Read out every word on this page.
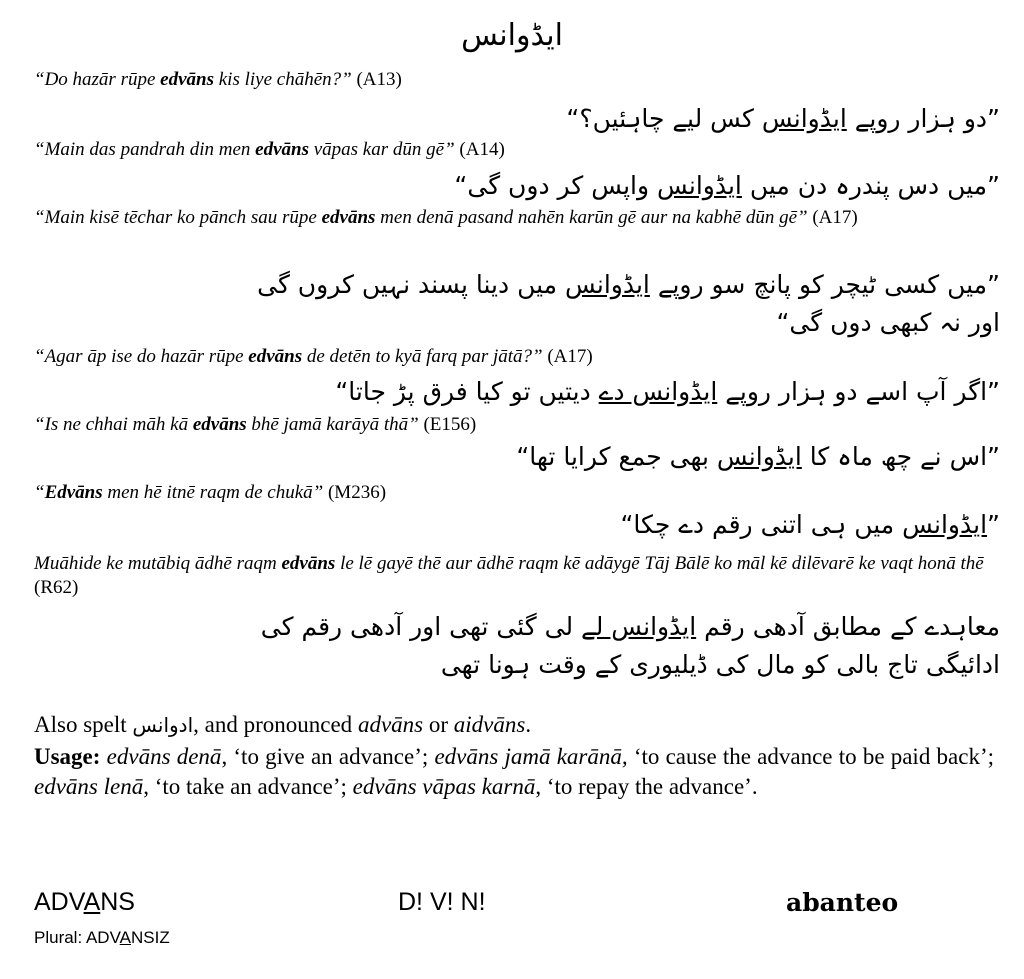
ایڈوانس
“Do hazār rūpe edvāns kis liye chāhēn?” (A13)
”دو ہزار روپے ایڈوانس کس لیے چاہئیں؟“
“Main das pandrah din men edvāns vāpas kar dūn gē” (A14)
”میں دس پندرہ دن میں ایڈوانس واپس کر دوں گی“
“Main kisē tēchar ko pānch sau rūpe edvāns men denā pasand nahēn karūn gē aur na kabhē dūn gē” (A17)
”میں کسی ٹیچر کو پانچ سو روپے ایڈوانس میں دینا پسند نہیں کروں گی
اور نہ کبھی دوں گی“
“Agar āp ise do hazār rūpe edvāns de detēn to kyā farq par jātā?” (A17)
”اگر آپ اسے دو ہزار روپے ایڈوانس دے دیتیں تو کیا فرق پڑ جاتا“
“Is ne chhai māh kā edvāns bhē jamā karāyā thā” (E156)
”اس نے چھ ماہ کا ایڈوانس بھی جمع کرایا تھا“
“Edvāns men hē itnē raqm de chukā” (M236)
”ایڈوانس میں ہی اتنی رقم دے چکا“
Muāhide ke mutābiq ādhē raqm edvāns le lē gayē thē aur ādhē raqm kē adāygē Tāj Bālē ko māl kē dilēvarē ke vaqt honā thē (R62)
معاہدے کے مطابق آدھی رقم ایڈوانس لے لی گئی تھی اور آدھی رقم کی
ادائیگی تاج بالی کو مال کی ڈیلیوری کے وقت ہونا تھی
Also spelt ادوانس, and pronounced advāns or aidvāns.
Usage: edvāns denā, ‘to give an advance’; edvāns jamā karānā, ‘to cause the advance to be paid back’; edvāns lenā, ‘to take an advance’; edvāns vāpas karnā, ‘to repay the advance’.
ADVANS	D! V! N!	abanteo
Plural: ADVANSIZ
